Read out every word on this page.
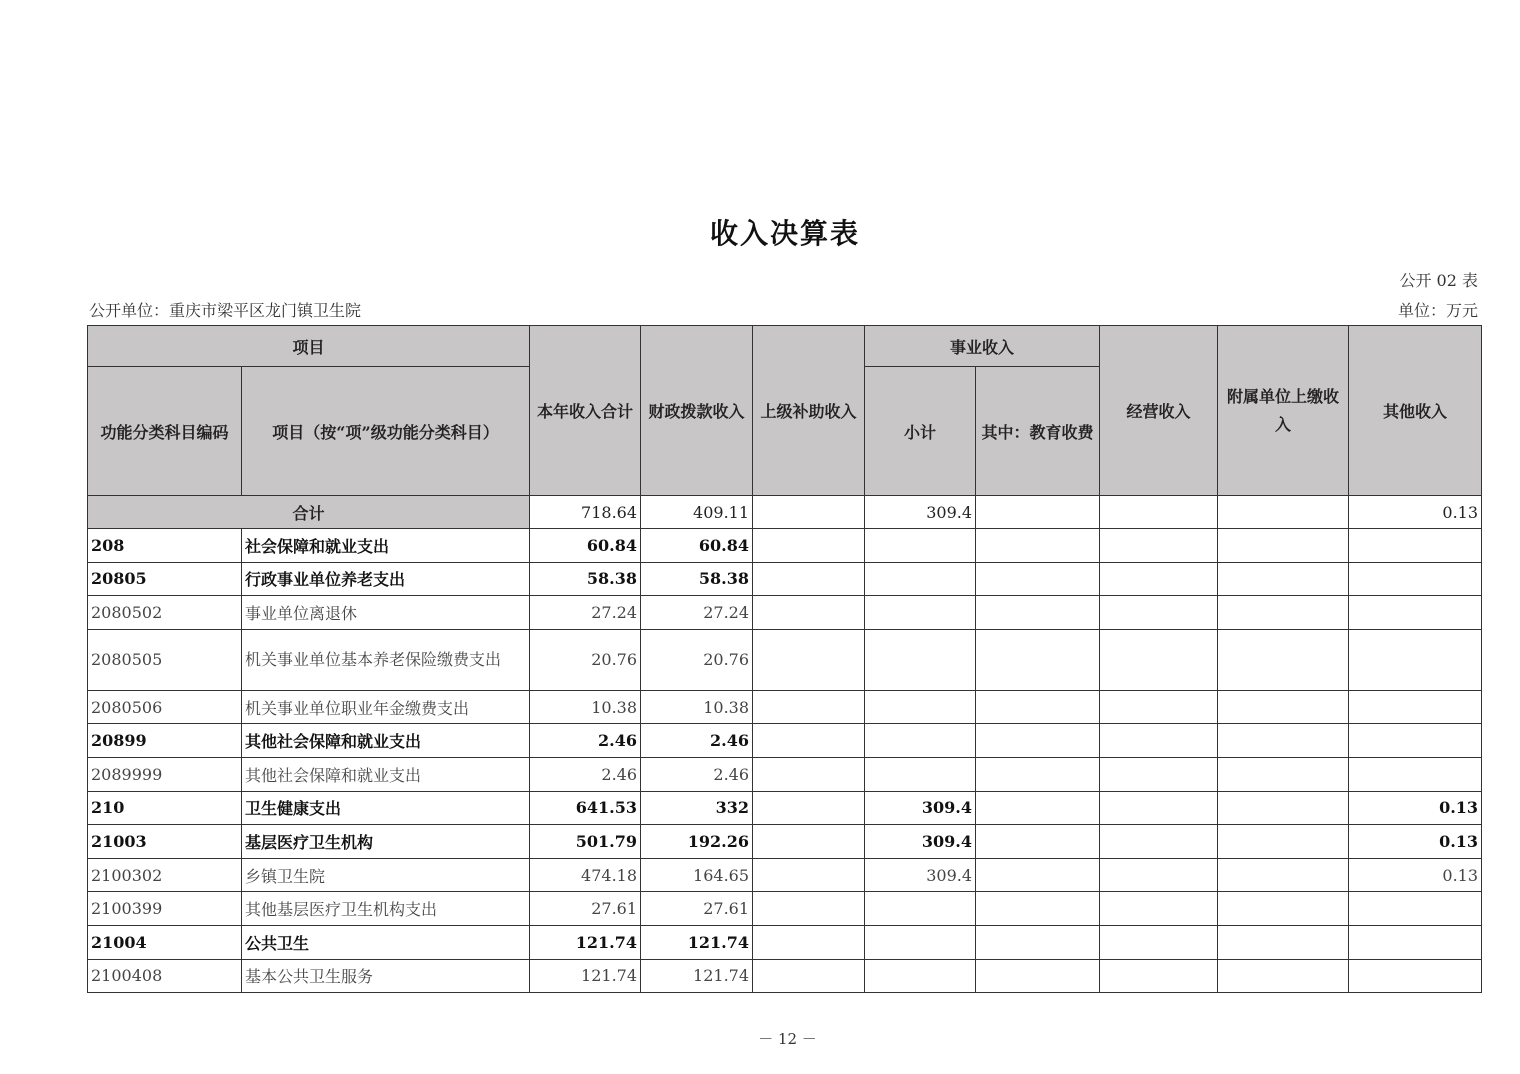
收入决算表
公开 02 表
公开单位：重庆市梁平区龙门镇卫生院	单位：万元
项目		本年收入合计	财政拨款收入	上级补助收入	事业收入		经营收入	附属单位上缴收入	其他收入
功能分类科目编码	项目（按“项”级功能分类科目）				小计	其中：教育收费			
合计		718.64	409.11		309.4				0.13
208	社会保障和就业支出	60.84	60.84						
20805	行政事业单位养老支出	58.38	58.38						
2080502	事业单位离退休	27.24	27.24						
2080505	机关事业单位基本养老保险缴费支出	20.76	20.76						
2080506	机关事业单位职业年金缴费支出	10.38	10.38						
20899	其他社会保障和就业支出	2.46	2.46						
2089999	其他社会保障和就业支出	2.46	2.46						
210	卫生健康支出	641.53	332		309.4				0.13
21003	基层医疗卫生机构	501.79	192.26		309.4				0.13
2100302	乡镇卫生院	474.18	164.65		309.4				0.13
2100399	其他基层医疗卫生机构支出	27.61	27.61						
21004	公共卫生	121.74	121.74						
2100408	基本公共卫生服务	121.74	121.74						
－ 12 －
